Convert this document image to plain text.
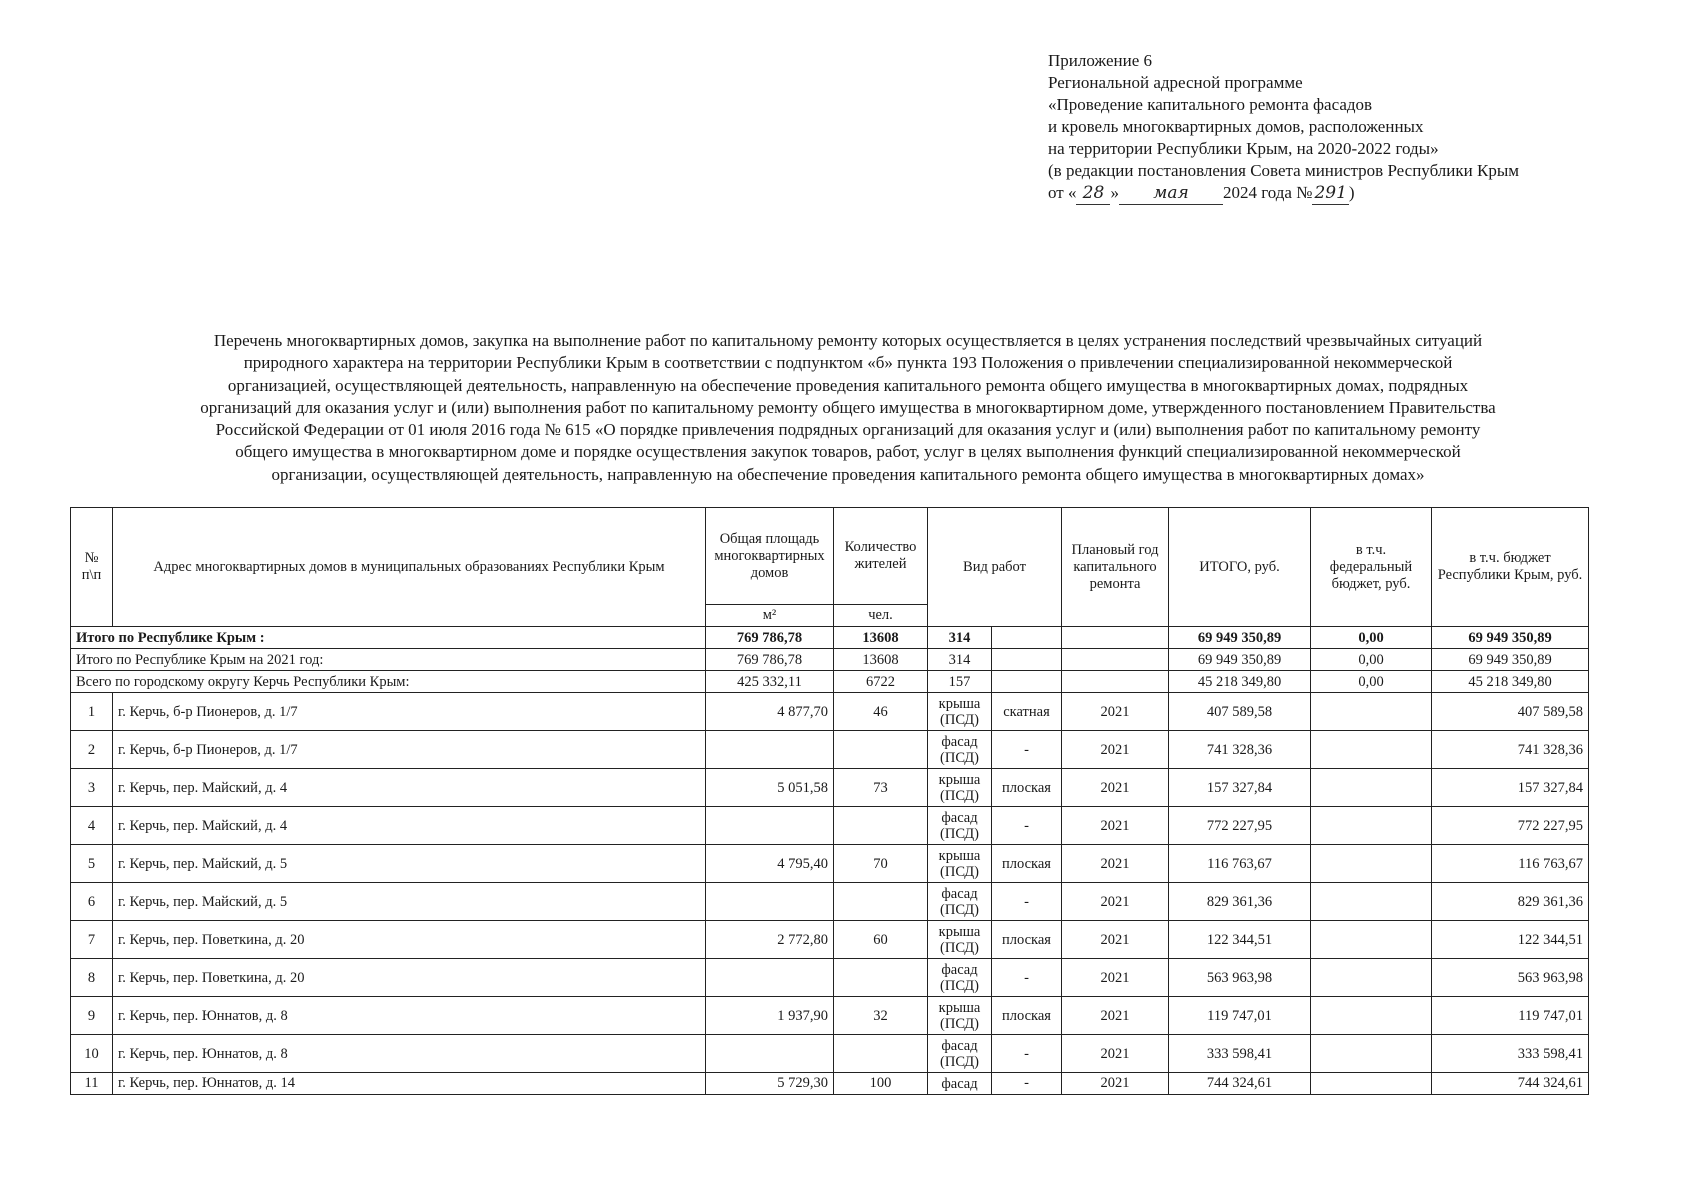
Приложение 6
Региональной адресной программе
«Проведение капитального ремонта фасадов
и кровель многоквартирных домов, расположенных
на территории Республики Крым, на 2020-2022 годы»
(в редакции постановления Совета министров Республики Крым
от « 28 » мая 2024 года № 291 )

Перечень многоквартирных домов, закупка на выполнение работ по капитальному ремонту которых осуществляется в целях устранения последствий чрезвычайных ситуаций

природного характера на территории Республики Крым в соответствии с подпунктом «б» пункта 193 Положения о привлечении специализированной некоммерческой

организацией, осуществляющей деятельность, направленную на обеспечение проведения капитального ремонта общего имущества в многоквартирных домах, подрядных

организаций для оказания услуг и (или) выполнения работ по капитальному ремонту общего имущества в многоквартирном доме, утвержденного постановлением Правительства

Российской Федерации от 01 июля 2016 года № 615 «О порядке привлечения подрядных организаций для оказания услуг и (или) выполнения работ по капитальному ремонту

общего имущества в многоквартирном доме и порядке осуществления закупок товаров, работ, услуг в целях выполнения функций специализированной некоммерческой

организации, осуществляющей деятельность, направленную на обеспечение проведения капитального ремонта общего имущества в многоквартирных домах»

№ п\п	Адрес многоквартирных домов в муниципальных образованиях Республики Крым	Общая площадь многоквартирных домов	Количество жителей	Вид работ		Плановый год капитального ремонта	ИТОГО, руб.	в т.ч. федеральный бюджет, руб.	в т.ч. бюджет Республики Крым, руб.
		м²	чел.						
Итого по Республике Крым :		769 786,78	13608	314			69 949 350,89	0,00	69 949 350,89
Итого по Республике Крым на 2021 год:		769 786,78	13608	314			69 949 350,89	0,00	69 949 350,89
Всего по городскому округу Керчь Республики Крым:		425 332,11	6722	157			45 218 349,80	0,00	45 218 349,80
1	г. Керчь, б-р Пионеров, д. 1/7	4 877,70	46	крыша
(ПСД)	скатная	2021	407 589,58		407 589,58
2	г. Керчь, б-р Пионеров, д. 1/7			фасад
(ПСД)	-	2021	741 328,36		741 328,36
3	г. Керчь, пер. Майский, д. 4	5 051,58	73	крыша
(ПСД)	плоская	2021	157 327,84		157 327,84
4	г. Керчь, пер. Майский, д. 4			фасад
(ПСД)	-	2021	772 227,95		772 227,95
5	г. Керчь, пер. Майский, д. 5	4 795,40	70	крыша
(ПСД)	плоская	2021	116 763,67		116 763,67
6	г. Керчь, пер. Майский, д. 5			фасад
(ПСД)	-	2021	829 361,36		829 361,36
7	г. Керчь, пер. Поветкина, д. 20	2 772,80	60	крыша
(ПСД)	плоская	2021	122 344,51		122 344,51
8	г. Керчь, пер. Поветкина, д. 20			фасад
(ПСД)	-	2021	563 963,98		563 963,98
9	г. Керчь, пер. Юннатов, д. 8	1 937,90	32	крыша
(ПСД)	плоская	2021	119 747,01		119 747,01
10	г. Керчь, пер. Юннатов, д. 8			фасад
(ПСД)	-	2021	333 598,41		333 598,41
11	г. Керчь, пер. Юннатов, д. 14	5 729,30	100	фасад	-	2021	744 324,61		744 324,61
